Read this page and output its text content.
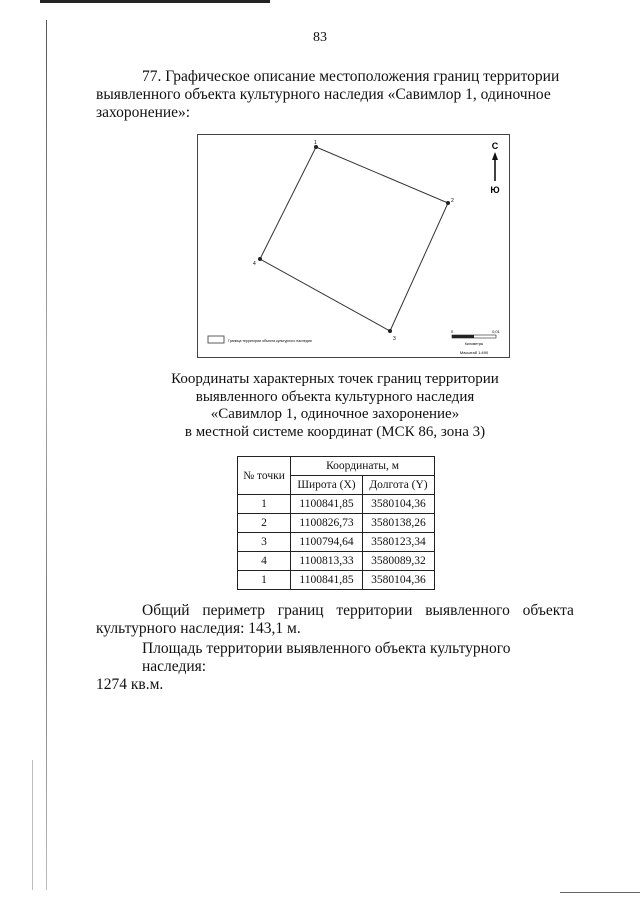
83
77. Графическое описание местоположения границ территории
выявленного объекта культурного наследия «Савимлор 1, одиночное
захоронение»:
1
2
3
4
С
Ю
Граница территории объекта культурного наследия
0	0,01
Километры
Масштаб 1:490
Координаты характерных точек границ территории
выявленного объекта культурного наследия
«Савимлор 1, одиночное захоронение»
в местной системе координат (МСК 86, зона 3)
№ точки	Координаты, м	
	Широта (X)	Долгота (Y)
1	1100841,85	3580104,36
2	1100826,73	3580138,26
3	1100794,64	3580123,34
4	1100813,33	3580089,32
1	1100841,85	3580104,36
Общий периметр границ территории выявленного объекта
культурного наследия: 143,1 м.
Площадь территории выявленного объекта культурного наследия:
1274 кв.м.
